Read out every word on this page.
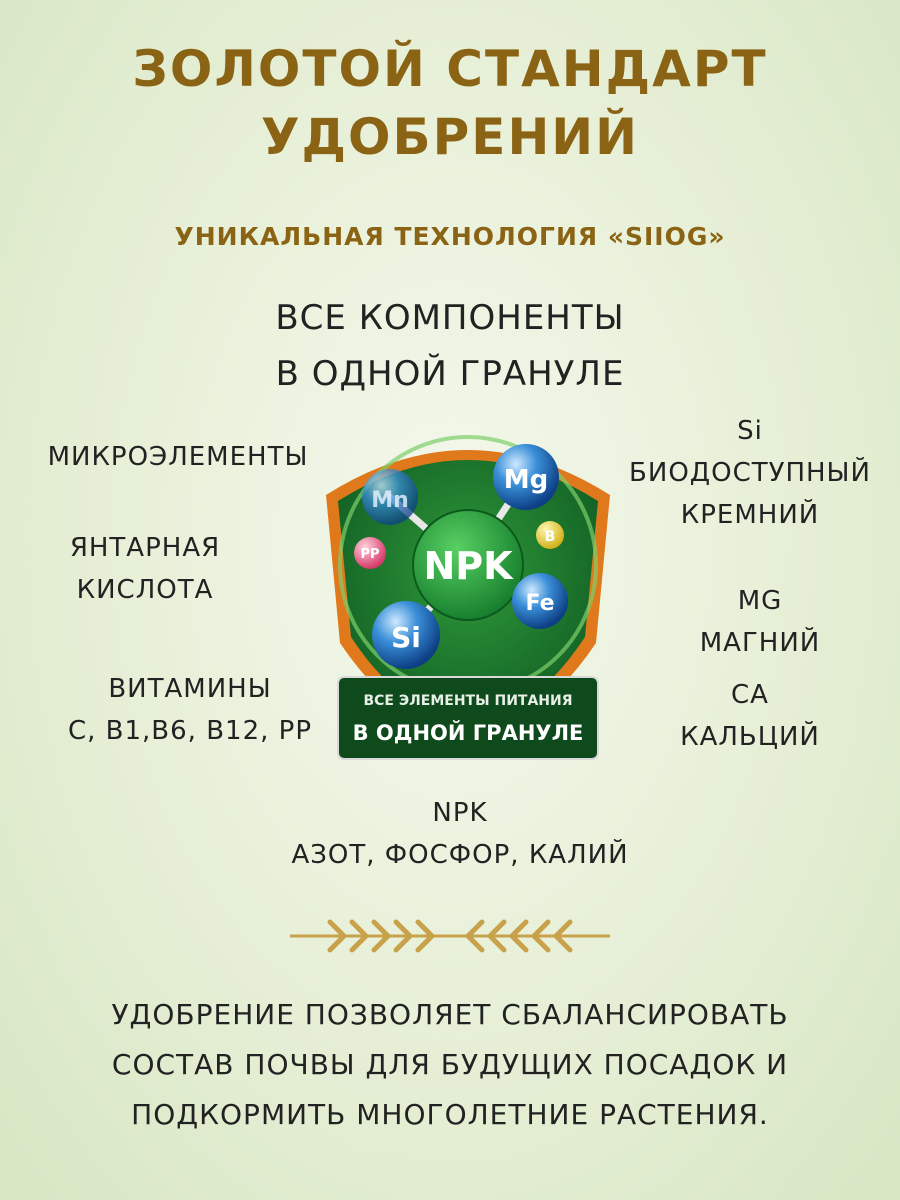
ЗОЛОТОЙ СТАНДАРТ
УДОБРЕНИЙ
УНИКАЛЬНАЯ ТЕХНОЛОГИЯ «SIIOG»
ВСЕ КОМПОНЕНТЫ
В ОДНОЙ ГРАНУЛЕ
МИКРОЭЛЕМЕНТЫ
ЯНТАРНАЯ
КИСЛОТА
ВИТАМИНЫ
C, B1,B6, B12, PP
Si
БИОДОСТУПНЫЙ
КРЕМНИЙ
MG
МАГНИЙ
CA
КАЛЬЦИЙ
NPK
АЗОТ, ФОСФОР, КАЛИЙ
NPK
Mn
Mg
B
PP
Fe
Si
ВСЕ ЭЛЕМЕНТЫ ПИТАНИЯ
В ОДНОЙ ГРАНУЛЕ
УДОБРЕНИЕ ПОЗВОЛЯЕТ СБАЛАНСИРОВАТЬ
СОСТАВ ПОЧВЫ ДЛЯ БУДУЩИХ ПОСАДОК И
ПОДКОРМИТЬ МНОГОЛЕТНИЕ РАСТЕНИЯ.
